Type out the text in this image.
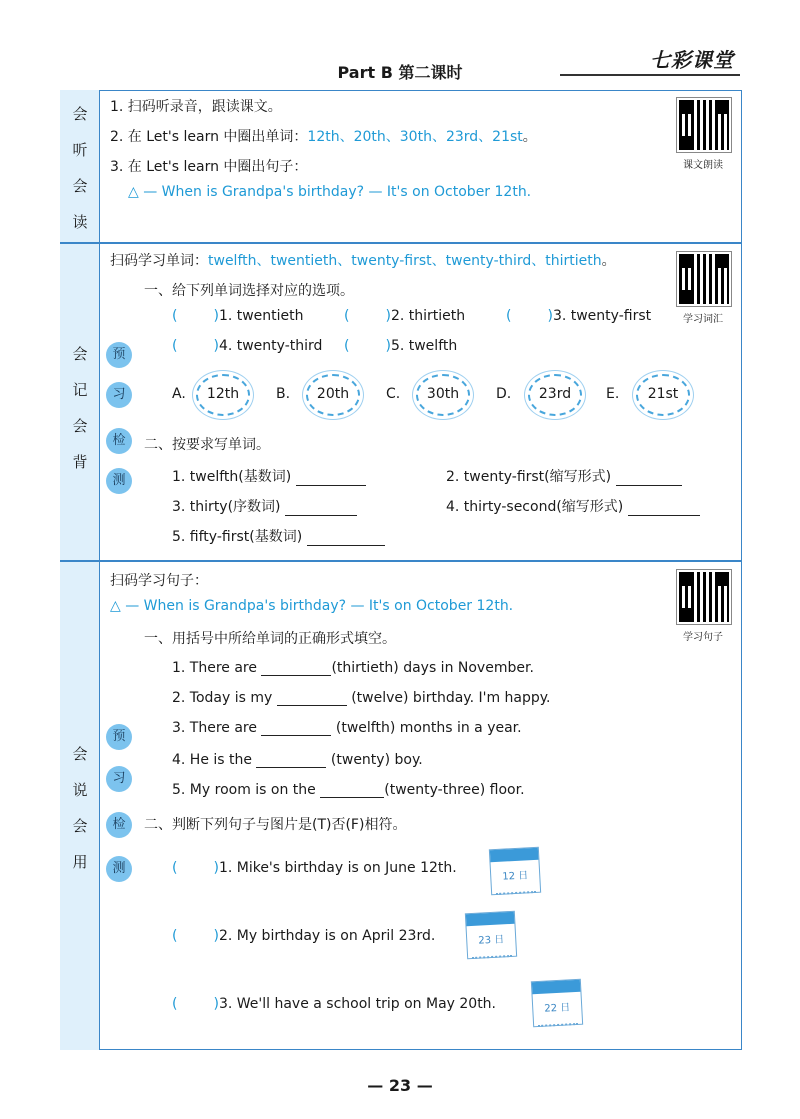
Part B 第二课时
七彩课堂
会
听
会
读
1. 扫码听录音，跟读课文。
2. 在 Let's learn 中圈出单词：12th、20th、30th、23rd、21st。
3. 在 Let's learn 中圈出句子：
△ — When is Grandpa's birthday? — It's on October 12th.
课文朗读
会
记
会
背
预
习
检
测
扫码学习单词：twelfth、twentieth、twenty-first、twenty-third、thirtieth。
学习词汇
一、给下列单词选择对应的选项。
(	)1. twentieth	(	)2. thirtieth	(	)3. twenty-first
(	)4. twenty-third (	)5. twelfth
A.	12th	B.	20th	C.	30th	D.	23rd	E.	21st
二、按要求写单词。
1. twelfth(基数词)	2. twenty-first(缩写形式)
3. thirty(序数词)	4. thirty-second(缩写形式)
5. fifty-first(基数词)
会
说
会
用
预
习
检
测
扫码学习句子：
△ — When is Grandpa's birthday? — It's on October 12th.
学习句子
一、用括号中所给单词的正确形式填空。
1. There are	(thirtieth) days in November.
2. Today is my	(twelve) birthday. I'm happy.
3. There are	(twelfth) months in a year.
4. He is the	(twenty) boy.
5. My room is on the	(twenty-three) floor.
二、判断下列句子与图片是(T)否(F)相符。
(	)1. Mike's birthday is on June 12th.
12 日
(	)2. My birthday is on April 23rd.	23 日
(	)3. We'll have a school trip on May 20th.	22 日
— 23 —
